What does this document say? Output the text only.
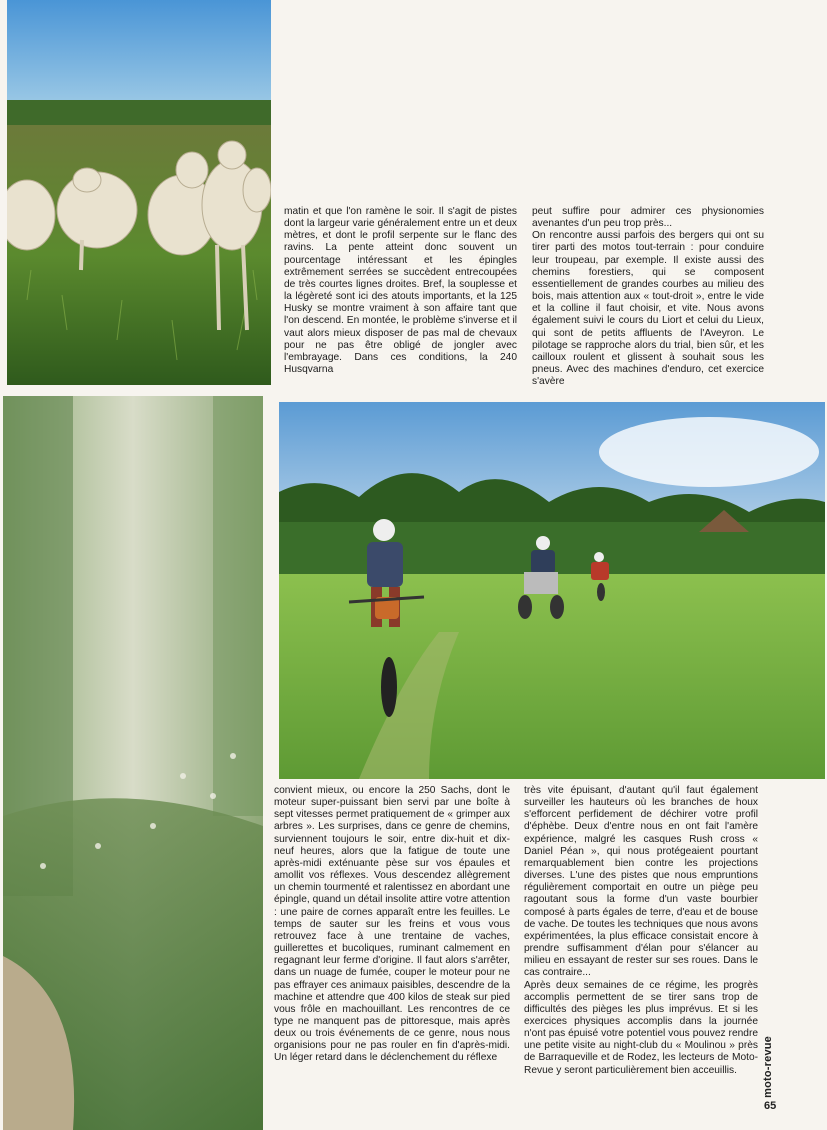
matin et que l'on ramène le soir. Il s'agit de pistes dont la largeur varie généralement entre un et deux mètres, et dont le profil serpente sur le flanc des ravins. La pente atteint donc souvent un pourcentage intéressant et les épingles extrêmement serrées se succèdent entrecoupées de très courtes lignes droites. Bref, la souplesse et la légèreté sont ici des atouts importants, et la 125 Husky se montre vraiment à son affaire tant que l'on descend. En montée, le problème s'inverse et il vaut alors mieux disposer de pas mal de chevaux pour ne pas être obligé de jongler avec l'embrayage. Dans ces conditions, la 240 Husqvarna

peut suffire pour admirer ces physionomies avenantes d'un peu trop près...

On rencontre aussi parfois des bergers qui ont su tirer parti des motos tout-terrain : pour conduire leur troupeau, par exemple. Il existe aussi des chemins forestiers, qui se composent essentiellement de grandes courbes au milieu des bois, mais attention aux « tout-droit », entre le vide et la colline il faut choisir, et vite. Nous avons également suivi le cours du Liort et celui du Lieux, qui sont de petits affluents de l'Aveyron. Le pilotage se rapproche alors du trial, bien sûr, et les cailloux roulent et glissent à souhait sous les pneus. Avec des machines d'enduro, cet exercice s'avère

convient mieux, ou encore la 250 Sachs, dont le moteur super-puissant bien servi par une boîte à sept vitesses permet pratiquement de « grimper aux arbres ». Les surprises, dans ce genre de chemins, surviennent toujours le soir, entre dix-huit et dix-neuf heures, alors que la fatigue de toute une après-midi exténuante pèse sur vos épaules et amollit vos réflexes. Vous descendez allègrement un chemin tourmenté et ralentissez en abordant une épingle, quand un détail insolite attire votre attention : une paire de cornes apparaît entre les feuilles. Le temps de sauter sur les freins et vous vous retrouvez face à une trentaine de vaches, guillerettes et bucoliques, ruminant calmement en regagnant leur ferme d'origine. Il faut alors s'arrêter, dans un nuage de fumée, couper le moteur pour ne pas effrayer ces animaux paisibles, descendre de la machine et attendre que 400 kilos de steak sur pied vous frôle en machouillant. Les rencontres de ce type ne manquent pas de pittoresque, mais après deux ou trois événements de ce genre, nous nous organisions pour ne pas rouler en fin d'après-midi. Un léger retard dans le déclenchement du réflexe

très vite épuisant, d'autant qu'il faut également surveiller les hauteurs où les branches de houx s'efforcent perfidement de déchirer votre profil d'éphèbe. Deux d'entre nous en ont fait l'amère expérience, malgré les casques Rush cross « Daniel Péan », qui nous protégeaient pourtant remarquablement bien contre les projections diverses. L'une des pistes que nous empruntions régulièrement comportait en outre un piège peu ragoutant sous la forme d'un vaste bourbier composé à parts égales de terre, d'eau et de bouse de vache. De toutes les techniques que nous avons expérimentées, la plus efficace consistait encore à prendre suffisamment d'élan pour s'élancer au milieu en essayant de rester sur ses roues. Dans le cas contraire...

Après deux semaines de ce régime, les progrès accomplis permettent de se tirer sans trop de difficultés des pièges les plus imprévus. Et si les exercices physiques accomplis dans la journée n'ont pas épuisé votre potentiel vous pouvez rendre une petite visite au night-club du « Moulinou » près de Barraqueville et de Rodez, les lecteurs de Moto-Revue y seront particulièrement bien acceuillis.	moto-revue
65
